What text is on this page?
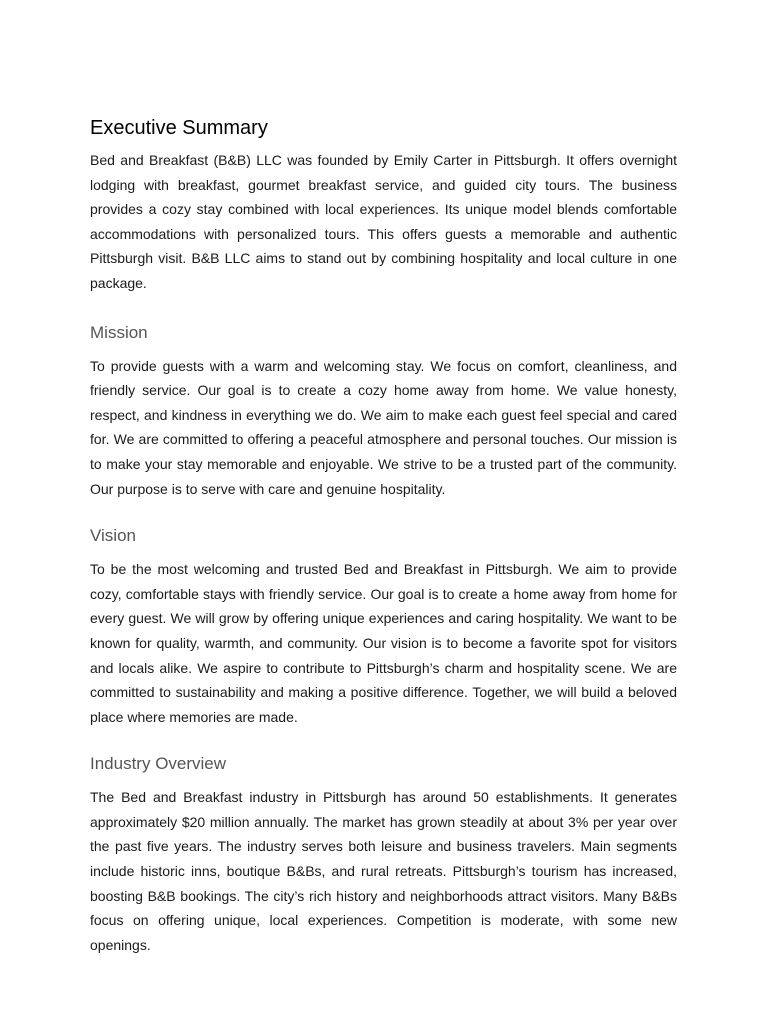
Executive Summary

Bed and Breakfast (B&B) LLC was founded by Emily Carter in Pittsburgh. It offers overnight lodging with breakfast, gourmet breakfast service, and guided city tours. The business provides a cozy stay combined with local experiences. Its unique model blends comfortable accommodations with personalized tours. This offers guests a memorable and authentic Pittsburgh visit. B&B LLC aims to stand out by combining hospitality and local culture in one package.

Mission

To provide guests with a warm and welcoming stay. We focus on comfort, cleanliness, and friendly service. Our goal is to create a cozy home away from home. We value honesty, respect, and kindness in everything we do. We aim to make each guest feel special and cared for. We are committed to offering a peaceful atmosphere and personal touches. Our mission is to make your stay memorable and enjoyable. We strive to be a trusted part of the community. Our purpose is to serve with care and genuine hospitality.

Vision

To be the most welcoming and trusted Bed and Breakfast in Pittsburgh. We aim to provide cozy, comfortable stays with friendly service. Our goal is to create a home away from home for every guest. We will grow by offering unique experiences and caring hospitality. We want to be known for quality, warmth, and community. Our vision is to become a favorite spot for visitors and locals alike. We aspire to contribute to Pittsburgh’s charm and hospitality scene. We are committed to sustainability and making a positive difference. Together, we will build a beloved place where memories are made.

Industry Overview

The Bed and Breakfast industry in Pittsburgh has around 50 establishments. It generates approximately $20 million annually. The market has grown steadily at about 3% per year over the past five years. The industry serves both leisure and business travelers. Main segments include historic inns, boutique B&Bs, and rural retreats. Pittsburgh’s tourism has increased, boosting B&B bookings. The city’s rich history and neighborhoods attract visitors. Many B&Bs focus on offering unique, local experiences. Competition is moderate, with some new openings.
